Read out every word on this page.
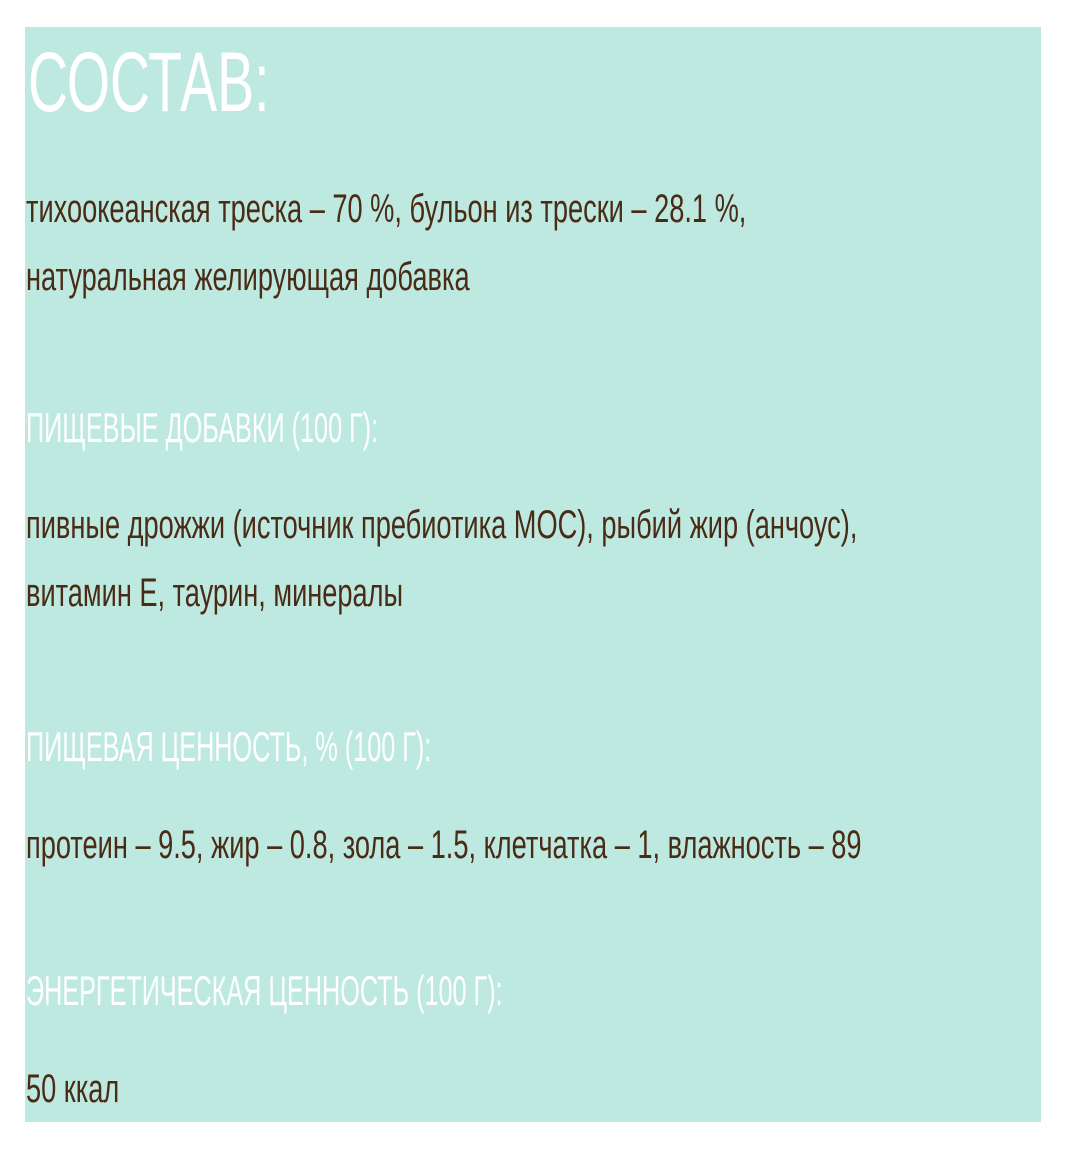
СОСТАВ:

тихоокеанская треска – 70 %, бульон из трески – 28.1 %,
натуральная желирующая добавка

ПИЩЕВЫЕ ДОБАВКИ (100 Г):

пивные дрожжи (источник пребиотика МОС), рыбий жир (анчоус),
витамин Е, таурин, минералы

ПИЩЕВАЯ ЦЕННОСТЬ, % (100 Г):

протеин – 9.5, жир – 0.8, зола – 1.5, клетчатка – 1, влажность – 89

ЭНЕРГЕТИЧЕСКАЯ ЦЕННОСТЬ (100 Г):

50 ккал
